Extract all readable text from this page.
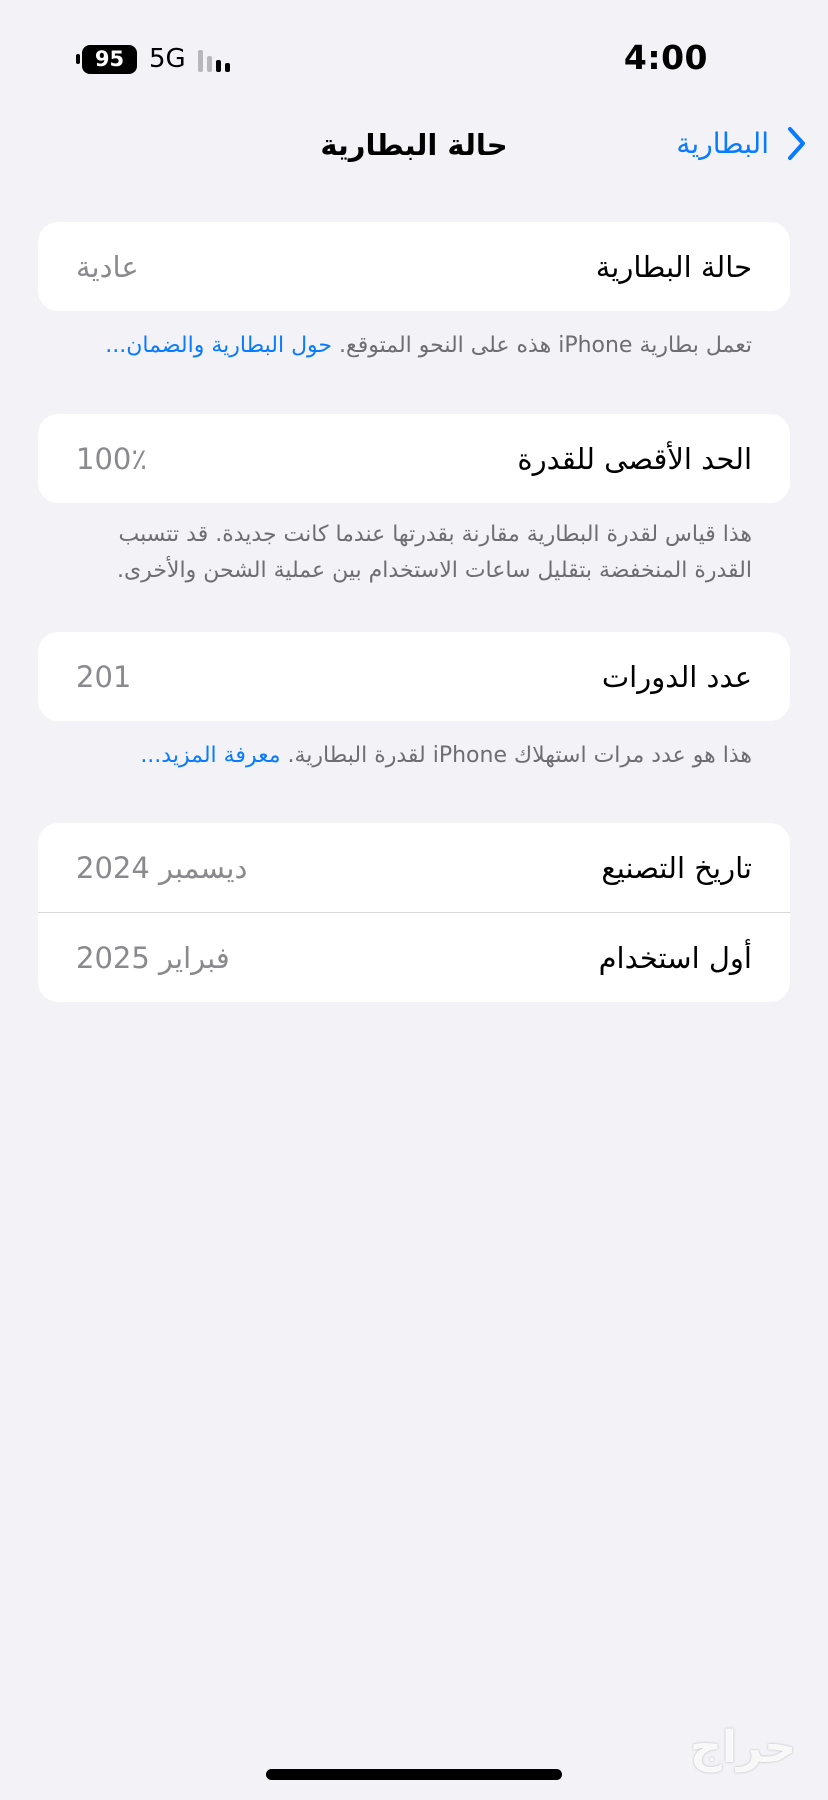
95 5G	4:00
البطارية
حالة البطارية
حالة البطارية
عادية
تعمل بطارية iPhone هذه على النحو المتوقع. حول البطارية والضمان...
الحد الأقصى للقدرة
100٪
هذا قياس لقدرة البطارية مقارنة بقدرتها عندما كانت جديدة. قد تتسبب القدرة المنخفضة بتقليل ساعات الاستخدام بين عملية الشحن والأخرى.
عدد الدورات
201
هذا هو عدد مرات استهلاك iPhone لقدرة البطارية. معرفة المزيد...
تاريخ التصنيع
ديسمبر 2024
أول استخدام
فبراير 2025
حراج
